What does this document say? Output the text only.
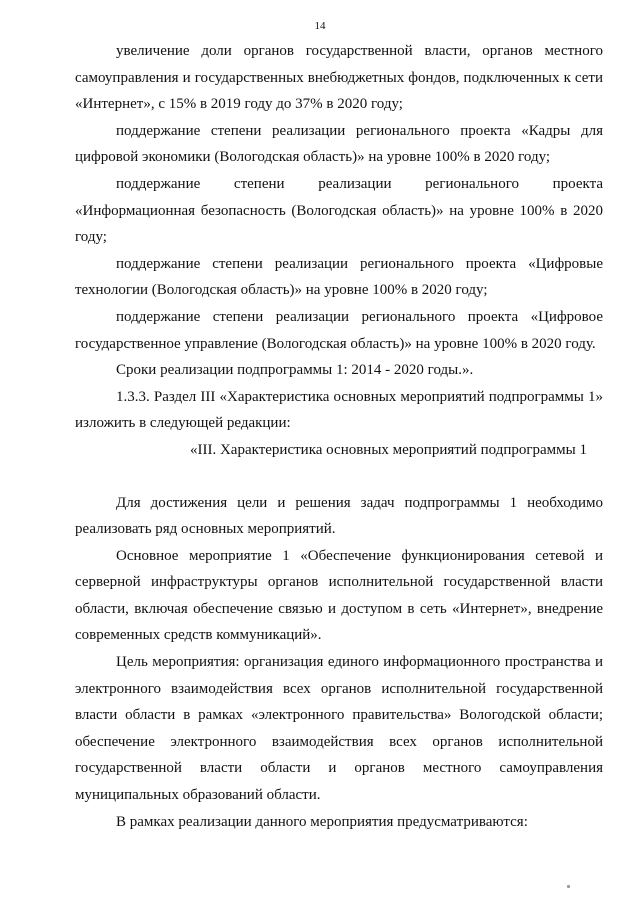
14

увеличение доли органов государственной власти, органов местного самоуправления и государственных внебюджетных фондов, подключенных к сети «Интернет», с 15% в 2019 году до 37% в 2020 году;

поддержание степени реализации регионального проекта «Кадры для цифровой экономики (Вологодская область)» на уровне 100% в 2020 году;

поддержание степени реализации регионального проекта «Информационная безопасность (Вологодская область)» на уровне 100% в 2020 году;

поддержание степени реализации регионального проекта «Цифровые технологии (Вологодская область)» на уровне 100% в 2020 году;

поддержание степени реализации регионального проекта «Цифровое государственное управление (Вологодская область)» на уровне 100% в 2020 году.

Сроки реализации подпрограммы 1: 2014 - 2020 годы.».

1.3.3. Раздел III «Характеристика основных мероприятий подпрограммы 1» изложить в следующей редакции:

«III. Характеристика основных мероприятий подпрограммы 1

Для достижения цели и решения задач подпрограммы 1 необходимо реализовать ряд основных мероприятий.

Основное мероприятие 1 «Обеспечение функционирования сетевой и серверной инфраструктуры органов исполнительной государственной власти области, включая обеспечение связью и доступом в сеть «Интернет», внедрение современных средств коммуникаций».

Цель мероприятия: организация единого информационного пространства и электронного взаимодействия всех органов исполнительной государственной власти области в рамках «электронного правительства» Вологодской области; обеспечение электронного взаимодействия всех органов исполнительной государственной власти области и органов местного самоуправления муниципальных образований области.

В рамках реализации данного мероприятия предусматриваются:
